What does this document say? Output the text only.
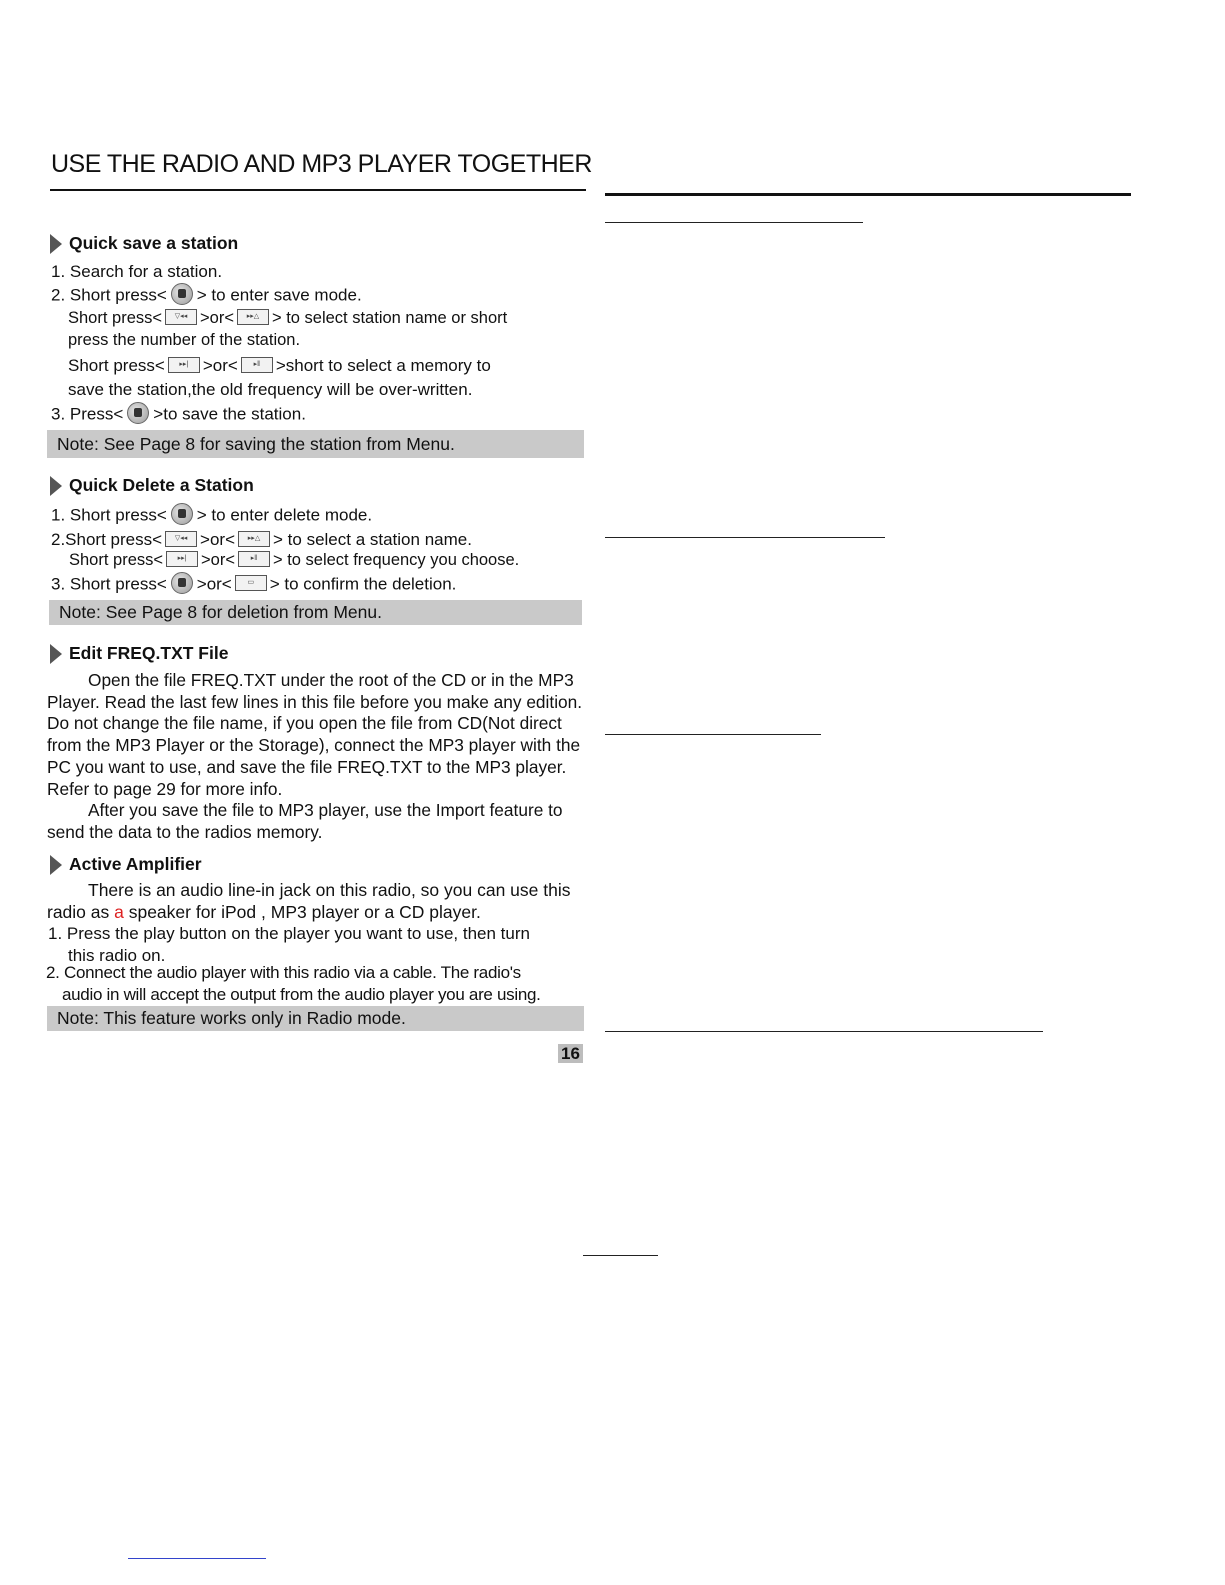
USE THE RADIO AND MP3 PLAYER TOGETHER
Quick save a station
1. Search for a station.
2. Short press< > to enter save mode.
Short press< ▽◂◂ >or< ▸▸△ > to select station name or short
press the number of the station.
Short press< ▸▸| >or< ▸‖ >short to select a memory to
save the station,the old frequency will be over-written.
3. Press< >to save the station.
Note: See Page 8 for saving the station from Menu.
Quick Delete a Station
1. Short press< > to enter delete mode.
2.Short press< ▽◂◂ >or< ▸▸△ > to select a station name.
Short press< ▸▸| >or< ▸‖ > to select frequency you choose.
3. Short press< >or< ▭ > to confirm the deletion.
Note: See Page 8 for deletion from Menu.
Edit FREQ.TXT File

Open the file FREQ.TXT under the root of the CD or in the MP3 Player. Read the last few lines in this file before you make any edition. Do not change the file name, if you open the file from CD(Not direct from the MP3 Player or the Storage), connect the MP3 player with the PC you want to use, and save the file FREQ.TXT to the MP3 player. Refer to page 29 for more info.

After you save the file to MP3 player, use the Import feature to send the data to the radios memory.

Active Amplifier

There is an audio line-in jack on this radio, so you can use this radio as a speaker for iPod , MP3 player or a CD player.

1. Press the play button on the player you want to use, then turn
this radio on.
2. Connect the audio player with this radio via a cable. The radio's
audio in will accept the output from the audio player you are using.
Note: This feature works only in Radio mode.
16
